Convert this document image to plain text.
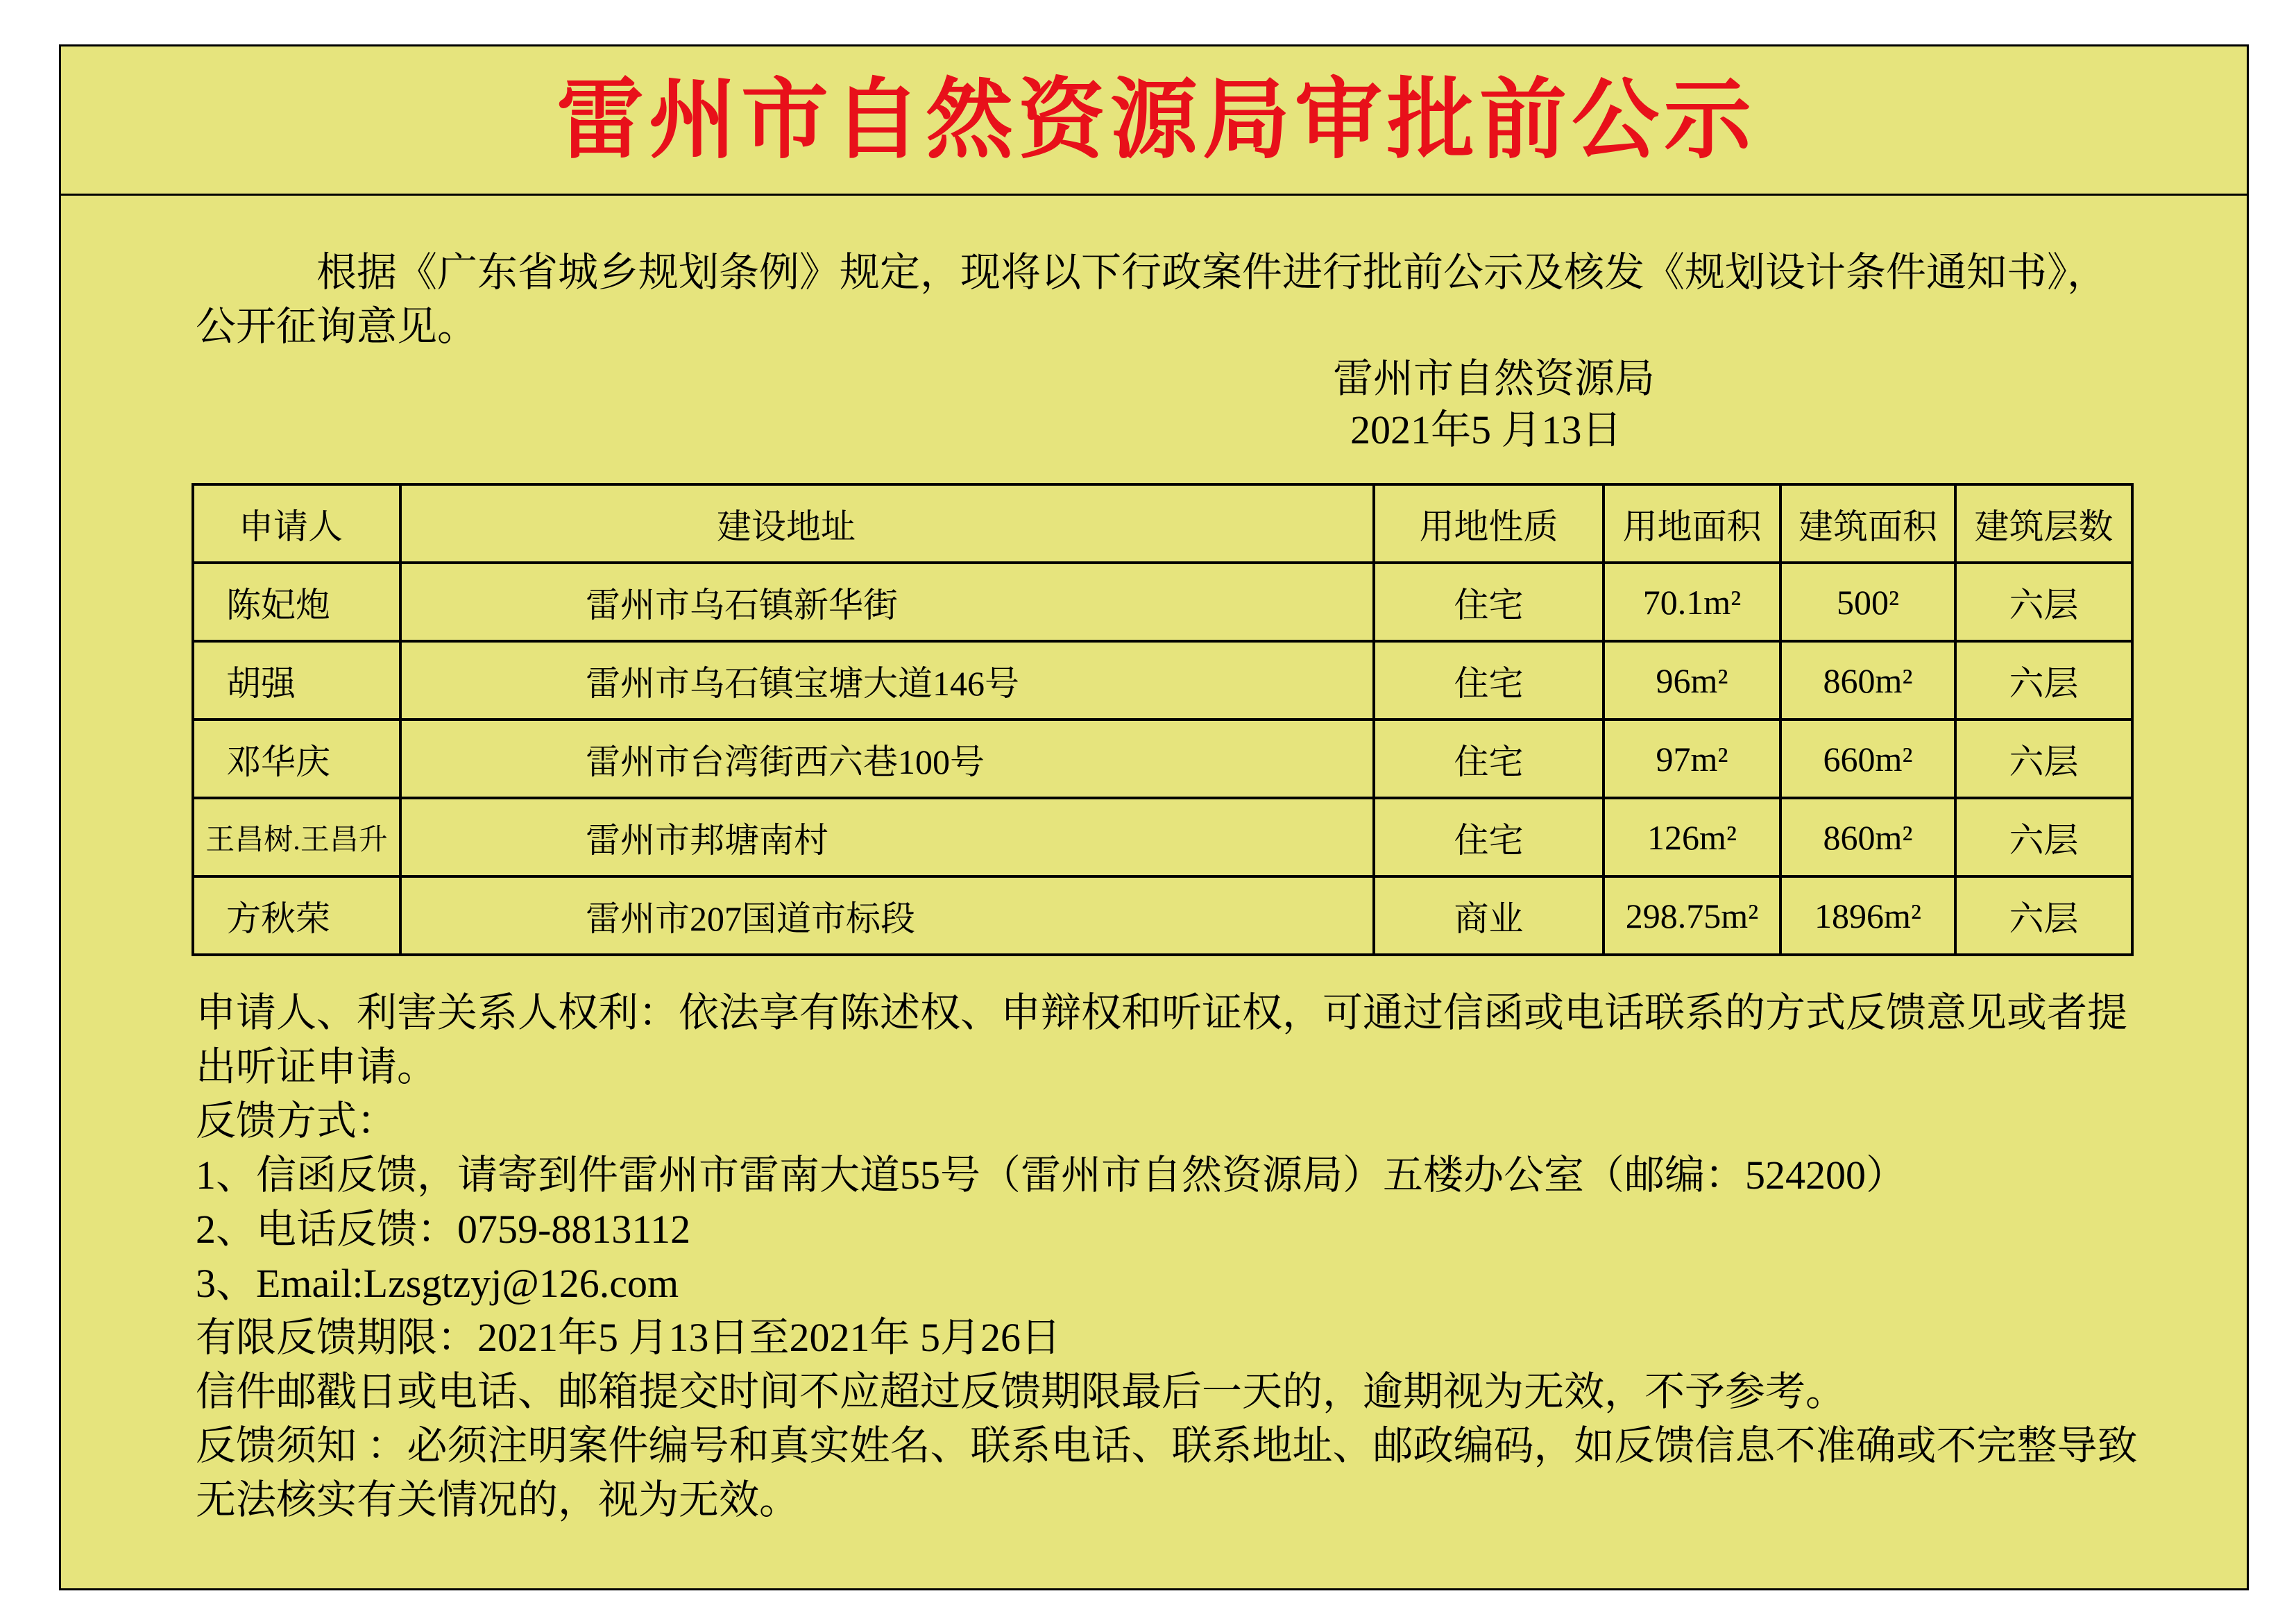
雷州市自然资源局审批前公示
根据《广东省城乡规划条例》规定，现将以下行政案件进行批前公示及核发《规划设计条件通知书》，
公开征询意见。
雷州市自然资源局
2021年5 月13日
申请人	建设地址	用地性质	用地面积	建筑面积	建筑层数
陈妃炮	雷州市乌石镇新华街	住宅	70.1m²	500²	六层
胡强	雷州市乌石镇宝塘大道146号	住宅	96m²	860m²	六层
邓华庆	雷州市台湾街西六巷100号	住宅	97m²	660m²	六层
王昌树.王昌升	雷州市邦塘南村	住宅	126m²	860m²	六层
方秋荣	雷州市207国道市标段	商业	298.75m²	1896m²	六层
申请人、利害关系人权利：依法享有陈述权、申辩权和听证权，可通过信函或电话联系的方式反馈意见或者提
出听证申请。
反馈方式：
1、信函反馈，请寄到件雷州市雷南大道55号（雷州市自然资源局）五楼办公室（邮编：524200）
2、电话反馈：0759-8813112
3、Email:Lzsgtzyj@126.com
有限反馈期限：2021年5 月13日至2021年 5月26日
信件邮戳日或电话、邮箱提交时间不应超过反馈期限最后一天的，逾期视为无效，不予参考。
反馈须知 ：必须注明案件编号和真实姓名、联系电话、联系地址、邮政编码，如反馈信息不准确或不完整导致
无法核实有关情况的，视为无效。
